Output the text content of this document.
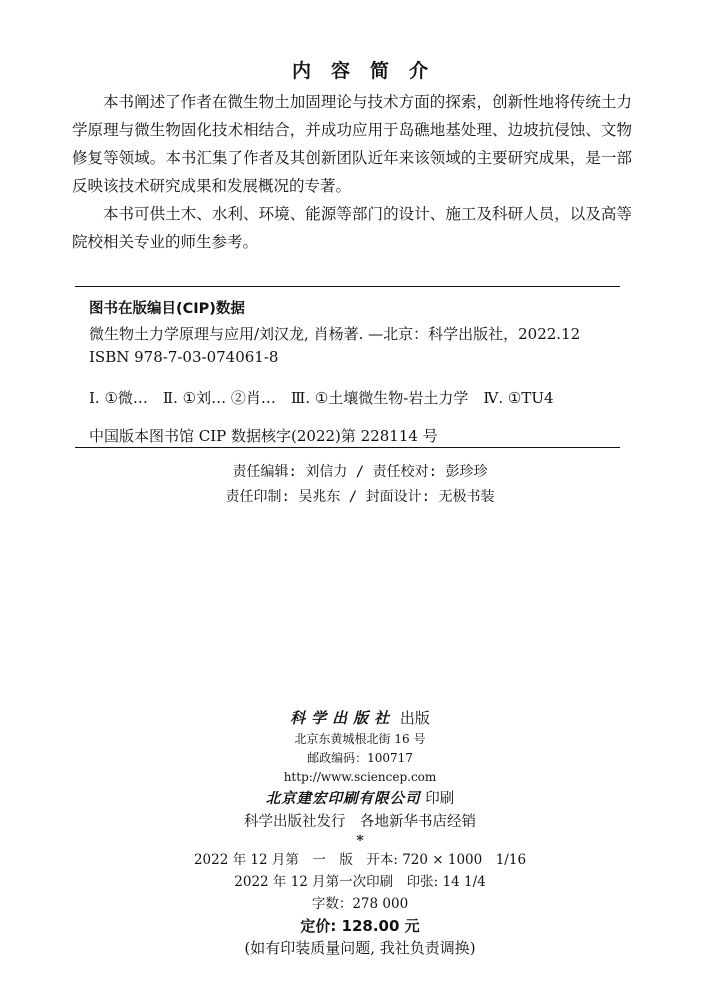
内容简介

本书阐述了作者在微生物土加固理论与技术方面的探索，创新性地将传统土力学原理与微生物固化技术相结合，并成功应用于岛礁地基处理、边坡抗侵蚀、文物修复等领域。本书汇集了作者及其创新团队近年来该领域的主要研究成果，是一部反映该技术研究成果和发展概况的专著。

本书可供土木、水利、环境、能源等部门的设计、施工及科研人员，以及高等院校相关专业的师生参考。

图书在版编目(CIP)数据
微生物土力学原理与应用/刘汉龙, 肖杨著. —北京：科学出版社，2022.12
ISBN 978-7-03-074061-8
Ⅰ. ①微…　Ⅱ. ①刘… ②肖…　Ⅲ. ①土壤微生物-岩土力学　Ⅳ. ①TU4
中国版本图书馆 CIP 数据核字(2022)第 228114 号
责任编辑: 刘信力 / 责任校对: 彭珍珍
责任印制: 吴兆东 / 封面设计: 无极书装
科学出版社 出版
北京东黄城根北街 16 号
邮政编码：100717
http://www.sciencep.com
北京建宏印刷有限公司 印刷
科学出版社发行　各地新华书店经销
*
2022 年 12 月第　一　版　开本: 720 × 1000　1/16
2022 年 12 月第一次印刷　印张: 14 1/4
字数：278 000
定价: 128.00 元
(如有印装质量问题, 我社负责调换)
